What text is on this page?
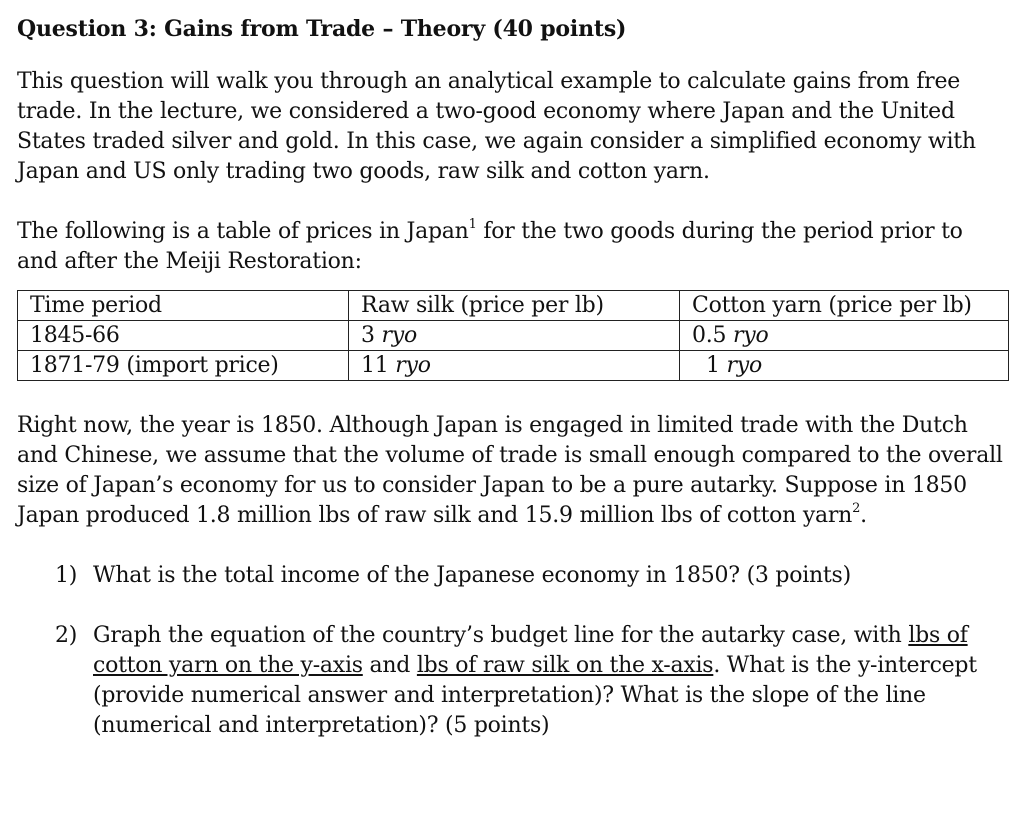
Question 3: Gains from Trade – Theory (40 points)

This question will walk you through an analytical example to calculate gains from free trade. In the lecture, we considered a two-good economy where Japan and the United States traded silver and gold. In this case, we again consider a simplified economy with Japan and US only trading two goods, raw silk and cotton yarn.

The following is a table of prices in Japan$^1$ for the two goods during the period prior to and after the Meiji Restoration:

Time period	Raw silk (price per lb)	Cotton yarn (price per lb)
1845-66	3 ryo	0.5 ryo
1871-79 (import price)	11 ryo	1 ryo

Right now, the year is 1850. Although Japan is engaged in limited trade with the Dutch and Chinese, we assume that the volume of trade is small enough compared to the overall size of Japan’s economy for us to consider Japan to be a pure autarky. Suppose in 1850 Japan produced 1.8 million lbs of raw silk and 15.9 million lbs of cotton yarn$^2$.

1) What is the total income of the Japanese economy in 1850? (3 points)
2) Graph the equation of the country’s budget line for the autarky case, with lbs of cotton yarn on the y-axis and lbs of raw silk on the x-axis. What is the y-intercept (provide numerical answer and interpretation)? What is the slope of the line (numerical and interpretation)? (5 points)
